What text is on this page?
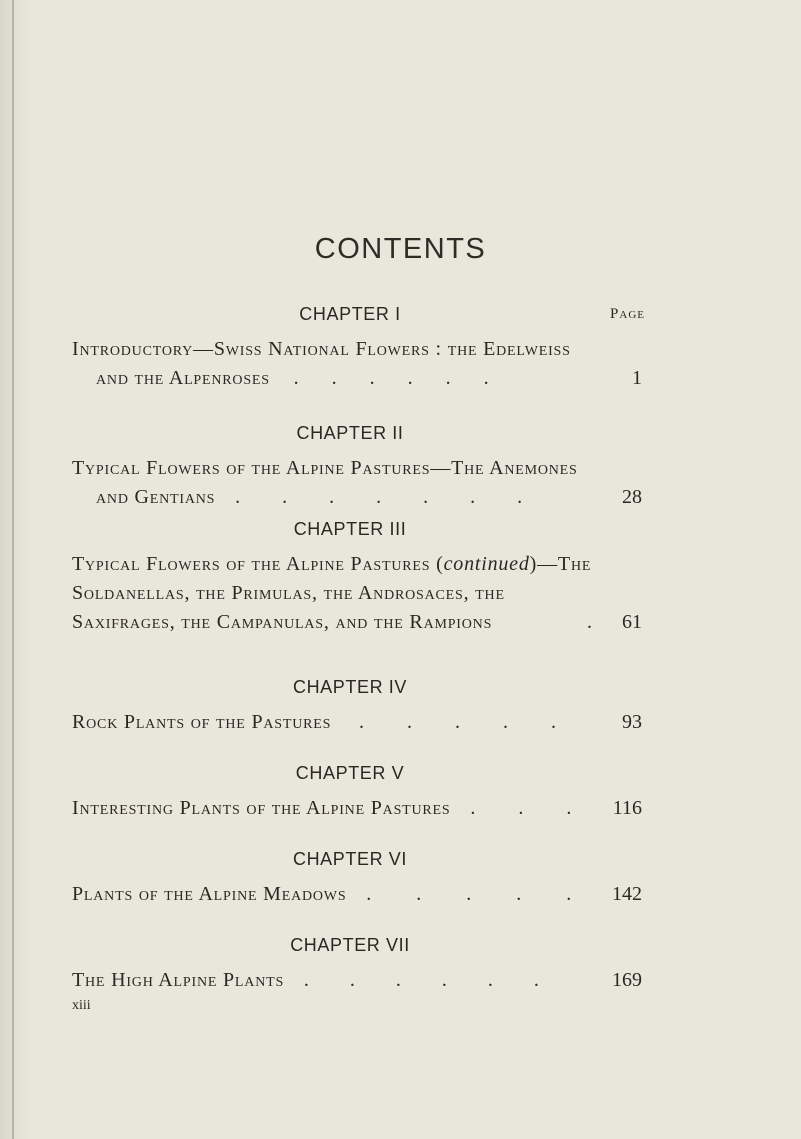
CONTENTS
Page
CHAPTER I
Introductory—Swiss National Flowers : the Edelweiss
and the Alpenroses . . . . . .	1
CHAPTER II
Typical Flowers of the Alpine Pastures—The Anemones
and Gentians . . . . . . .	28
CHAPTER III
Typical Flowers of the Alpine Pastures (continued)—The
Soldanellas, the Primulas, the Androsaces, the
Saxifrages, the Campanulas, and the Rampions	. 61
CHAPTER IV
Rock Plants of the Pastures . . . . .	93
CHAPTER V
Interesting Plants of the Alpine Pastures . . . 116
CHAPTER VI
Plants of the Alpine Meadows . . . . . 142
CHAPTER VII
The High Alpine Plants . . . . . .	169
xiii
